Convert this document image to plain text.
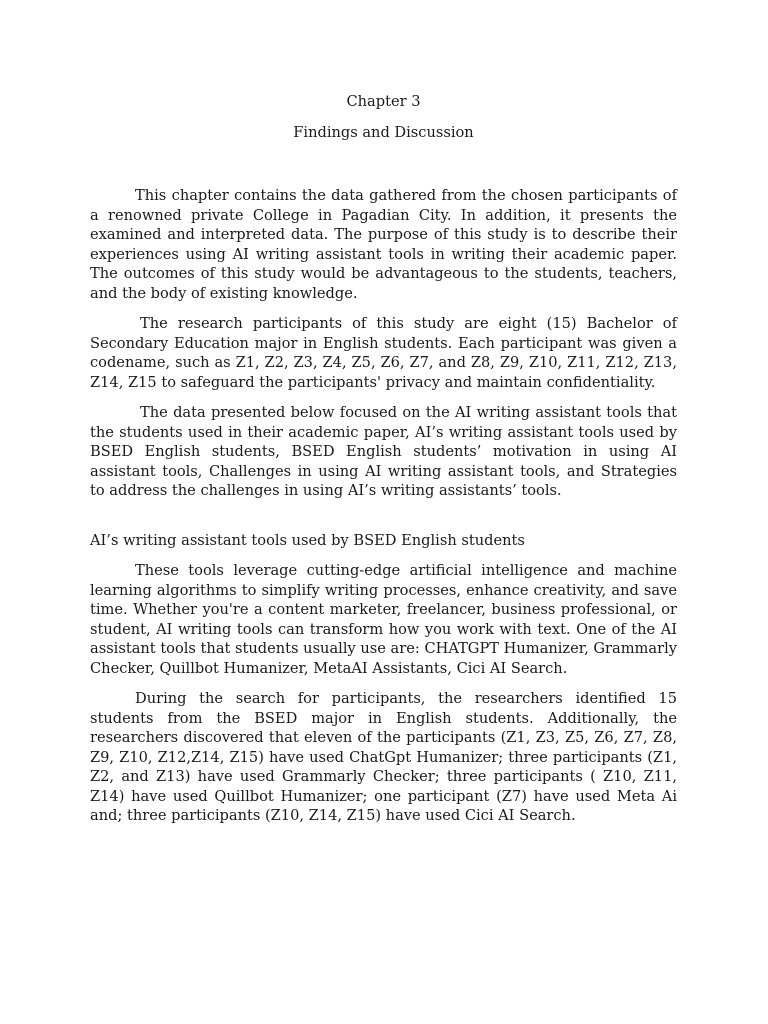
Chapter 3

Findings and Discussion

This chapter contains the data gathered from the chosen participants of a renowned private College in Pagadian City. In addition, it presents the examined and interpreted data. The purpose of this study is to describe their experiences using AI writing assistant tools in writing their academic paper. The outcomes of this study would be advantageous to the students, teachers, and the body of existing knowledge.

The research participants of this study are eight (15) Bachelor of Secondary Education major in English students. Each participant was given a codename, such as Z1, Z2, Z3, Z4, Z5, Z6, Z7, and Z8, Z9, Z10, Z11, Z12, Z13, Z14, Z15 to safeguard the participants' privacy and maintain confidentiality.

The data presented below focused on the AI writing assistant tools that the students used in their academic paper, AI’s writing assistant tools used by BSED English students, BSED English students’ motivation in using AI assistant tools, Challenges in using AI writing assistant tools, and Strategies to address the challenges in using AI’s writing assistants’ tools.

AI’s writing assistant tools used by BSED English students

These tools leverage cutting-edge artificial intelligence and machine learning algorithms to simplify writing processes, enhance creativity, and save time. Whether you're a content marketer, freelancer, business professional, or student, AI writing tools can transform how you work with text. One of the AI assistant tools that students usually use are: CHATGPT Humanizer, Grammarly Checker, Quillbot Humanizer, MetaAI Assistants, Cici AI Search.

During the search for participants, the researchers identified 15 students from the BSED major in English students. Additionally, the researchers discovered that eleven of the participants (Z1, Z3, Z5, Z6, Z7, Z8, Z9, Z10, Z12,Z14, Z15) have used ChatGpt Humanizer; three participants (Z1, Z2, and Z13) have used Grammarly Checker; three participants ( Z10, Z11, Z14) have used Quillbot Humanizer; one participant (Z7) have used Meta Ai and; three participants (Z10, Z14, Z15) have used Cici AI Search.
